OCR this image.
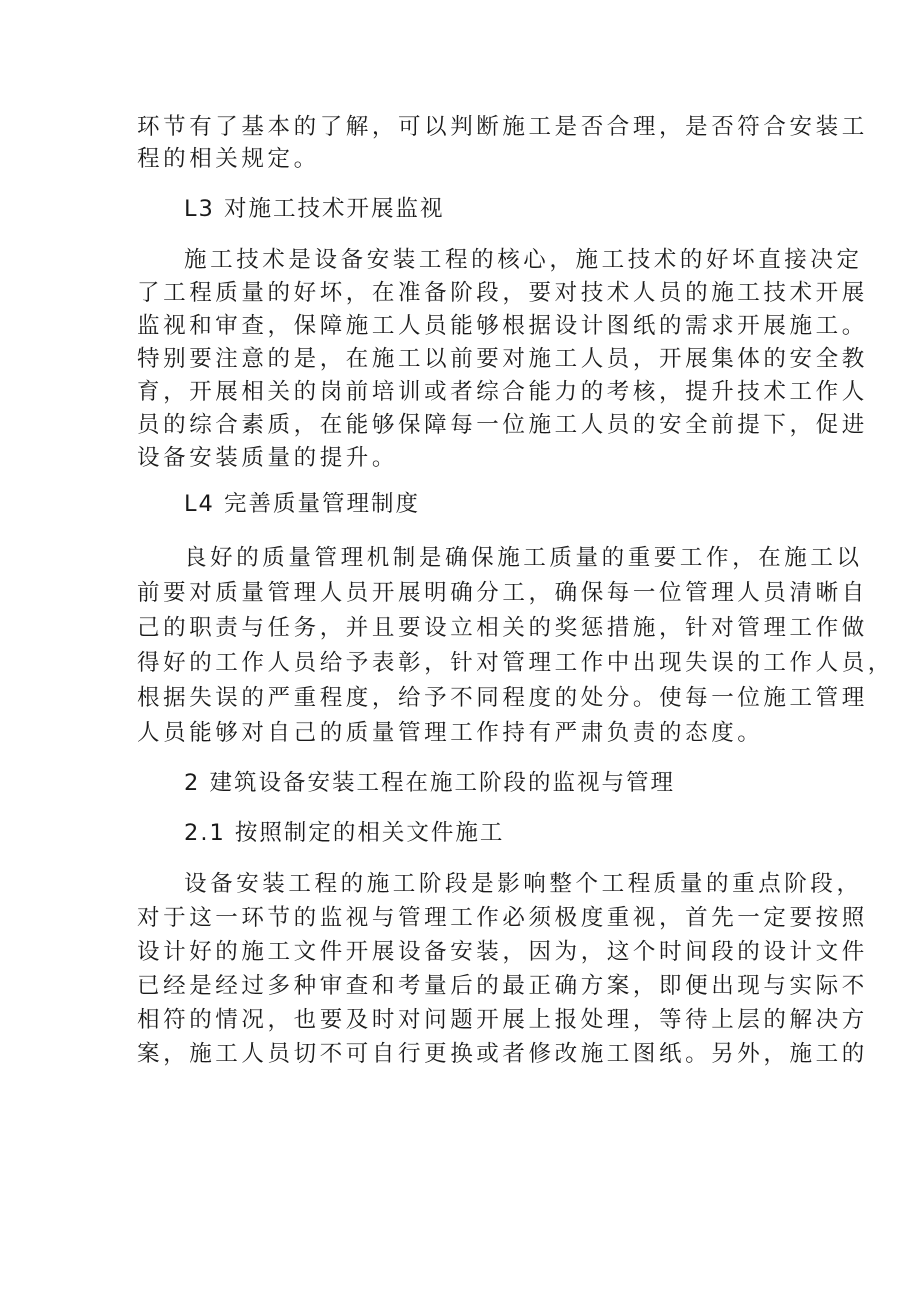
环节有了基本的了解，可以判断施工是否合理，是否符合安装工
程的相关规定。
L3 对施工技术开展监视
施工技术是设备安装工程的核心，施工技术的好坏直接决定
了工程质量的好坏，在准备阶段，要对技术人员的施工技术开展
监视和审查，保障施工人员能够根据设计图纸的需求开展施工。
特别要注意的是，在施工以前要对施工人员，开展集体的安全教
育，开展相关的岗前培训或者综合能力的考核，提升技术工作人
员的综合素质，在能够保障每一位施工人员的安全前提下，促进
设备安装质量的提升。
L4 完善质量管理制度
良好的质量管理机制是确保施工质量的重要工作，在施工以
前要对质量管理人员开展明确分工，确保每一位管理人员清晰自
己的职责与任务，并且要设立相关的奖惩措施，针对管理工作做
得好的工作人员给予表彰，针对管理工作中出现失误的工作人员，
根据失误的严重程度，给予不同程度的处分。使每一位施工管理
人员能够对自己的质量管理工作持有严肃负责的态度。
2 建筑设备安装工程在施工阶段的监视与管理
2.1 按照制定的相关文件施工
设备安装工程的施工阶段是影响整个工程质量的重点阶段，
对于这一环节的监视与管理工作必须极度重视，首先一定要按照
设计好的施工文件开展设备安装，因为，这个时间段的设计文件
已经是经过多种审查和考量后的最正确方案，即便出现与实际不
相符的情况，也要及时对问题开展上报处理，等待上层的解决方
案，施工人员切不可自行更换或者修改施工图纸。另外，施工的
